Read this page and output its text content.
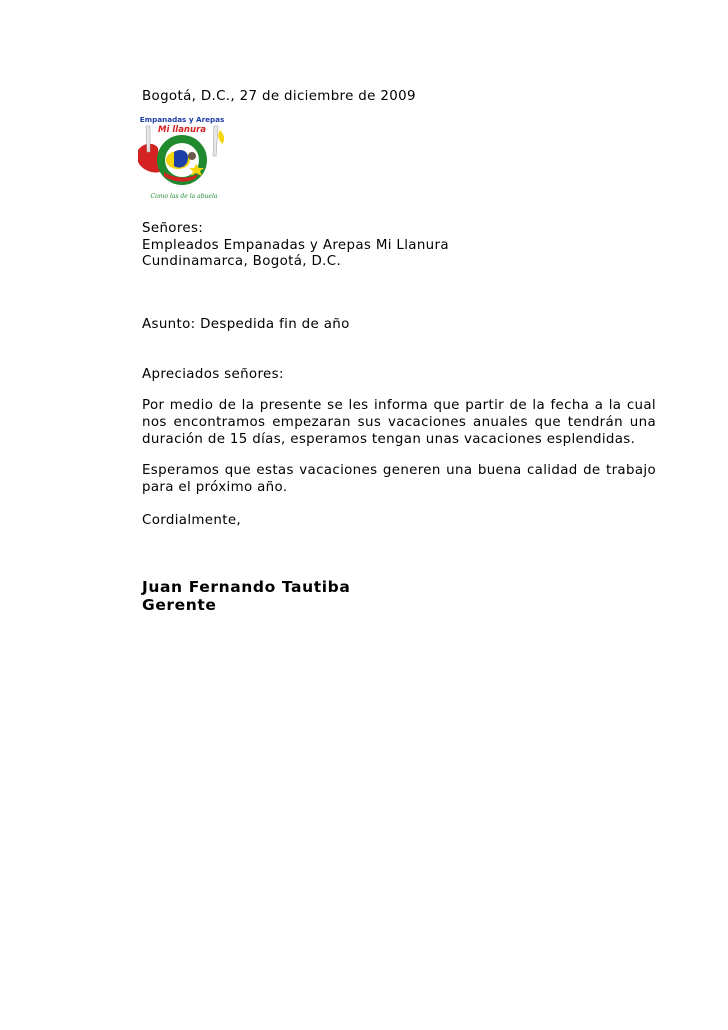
Bogotá, D.C., 27 de diciembre de 2009
Empanadas y Arepas
Mi llanura
Como las de la abuela
Señores:
Empleados Empanadas y Arepas Mi Llanura
Cundinamarca, Bogotá, D.C.
Asunto: Despedida fin de año
Apreciados señores:
Por medio de la presente se les informa que partir de la fecha a la cual nos encontramos empezaran sus vacaciones anuales que tendrán una duración de 15 días, esperamos tengan unas vacaciones esplendidas.
Esperamos que estas vacaciones generen una buena calidad de trabajo para el próximo año.
Cordialmente,
Juan Fernando Tautiba
Gerente
